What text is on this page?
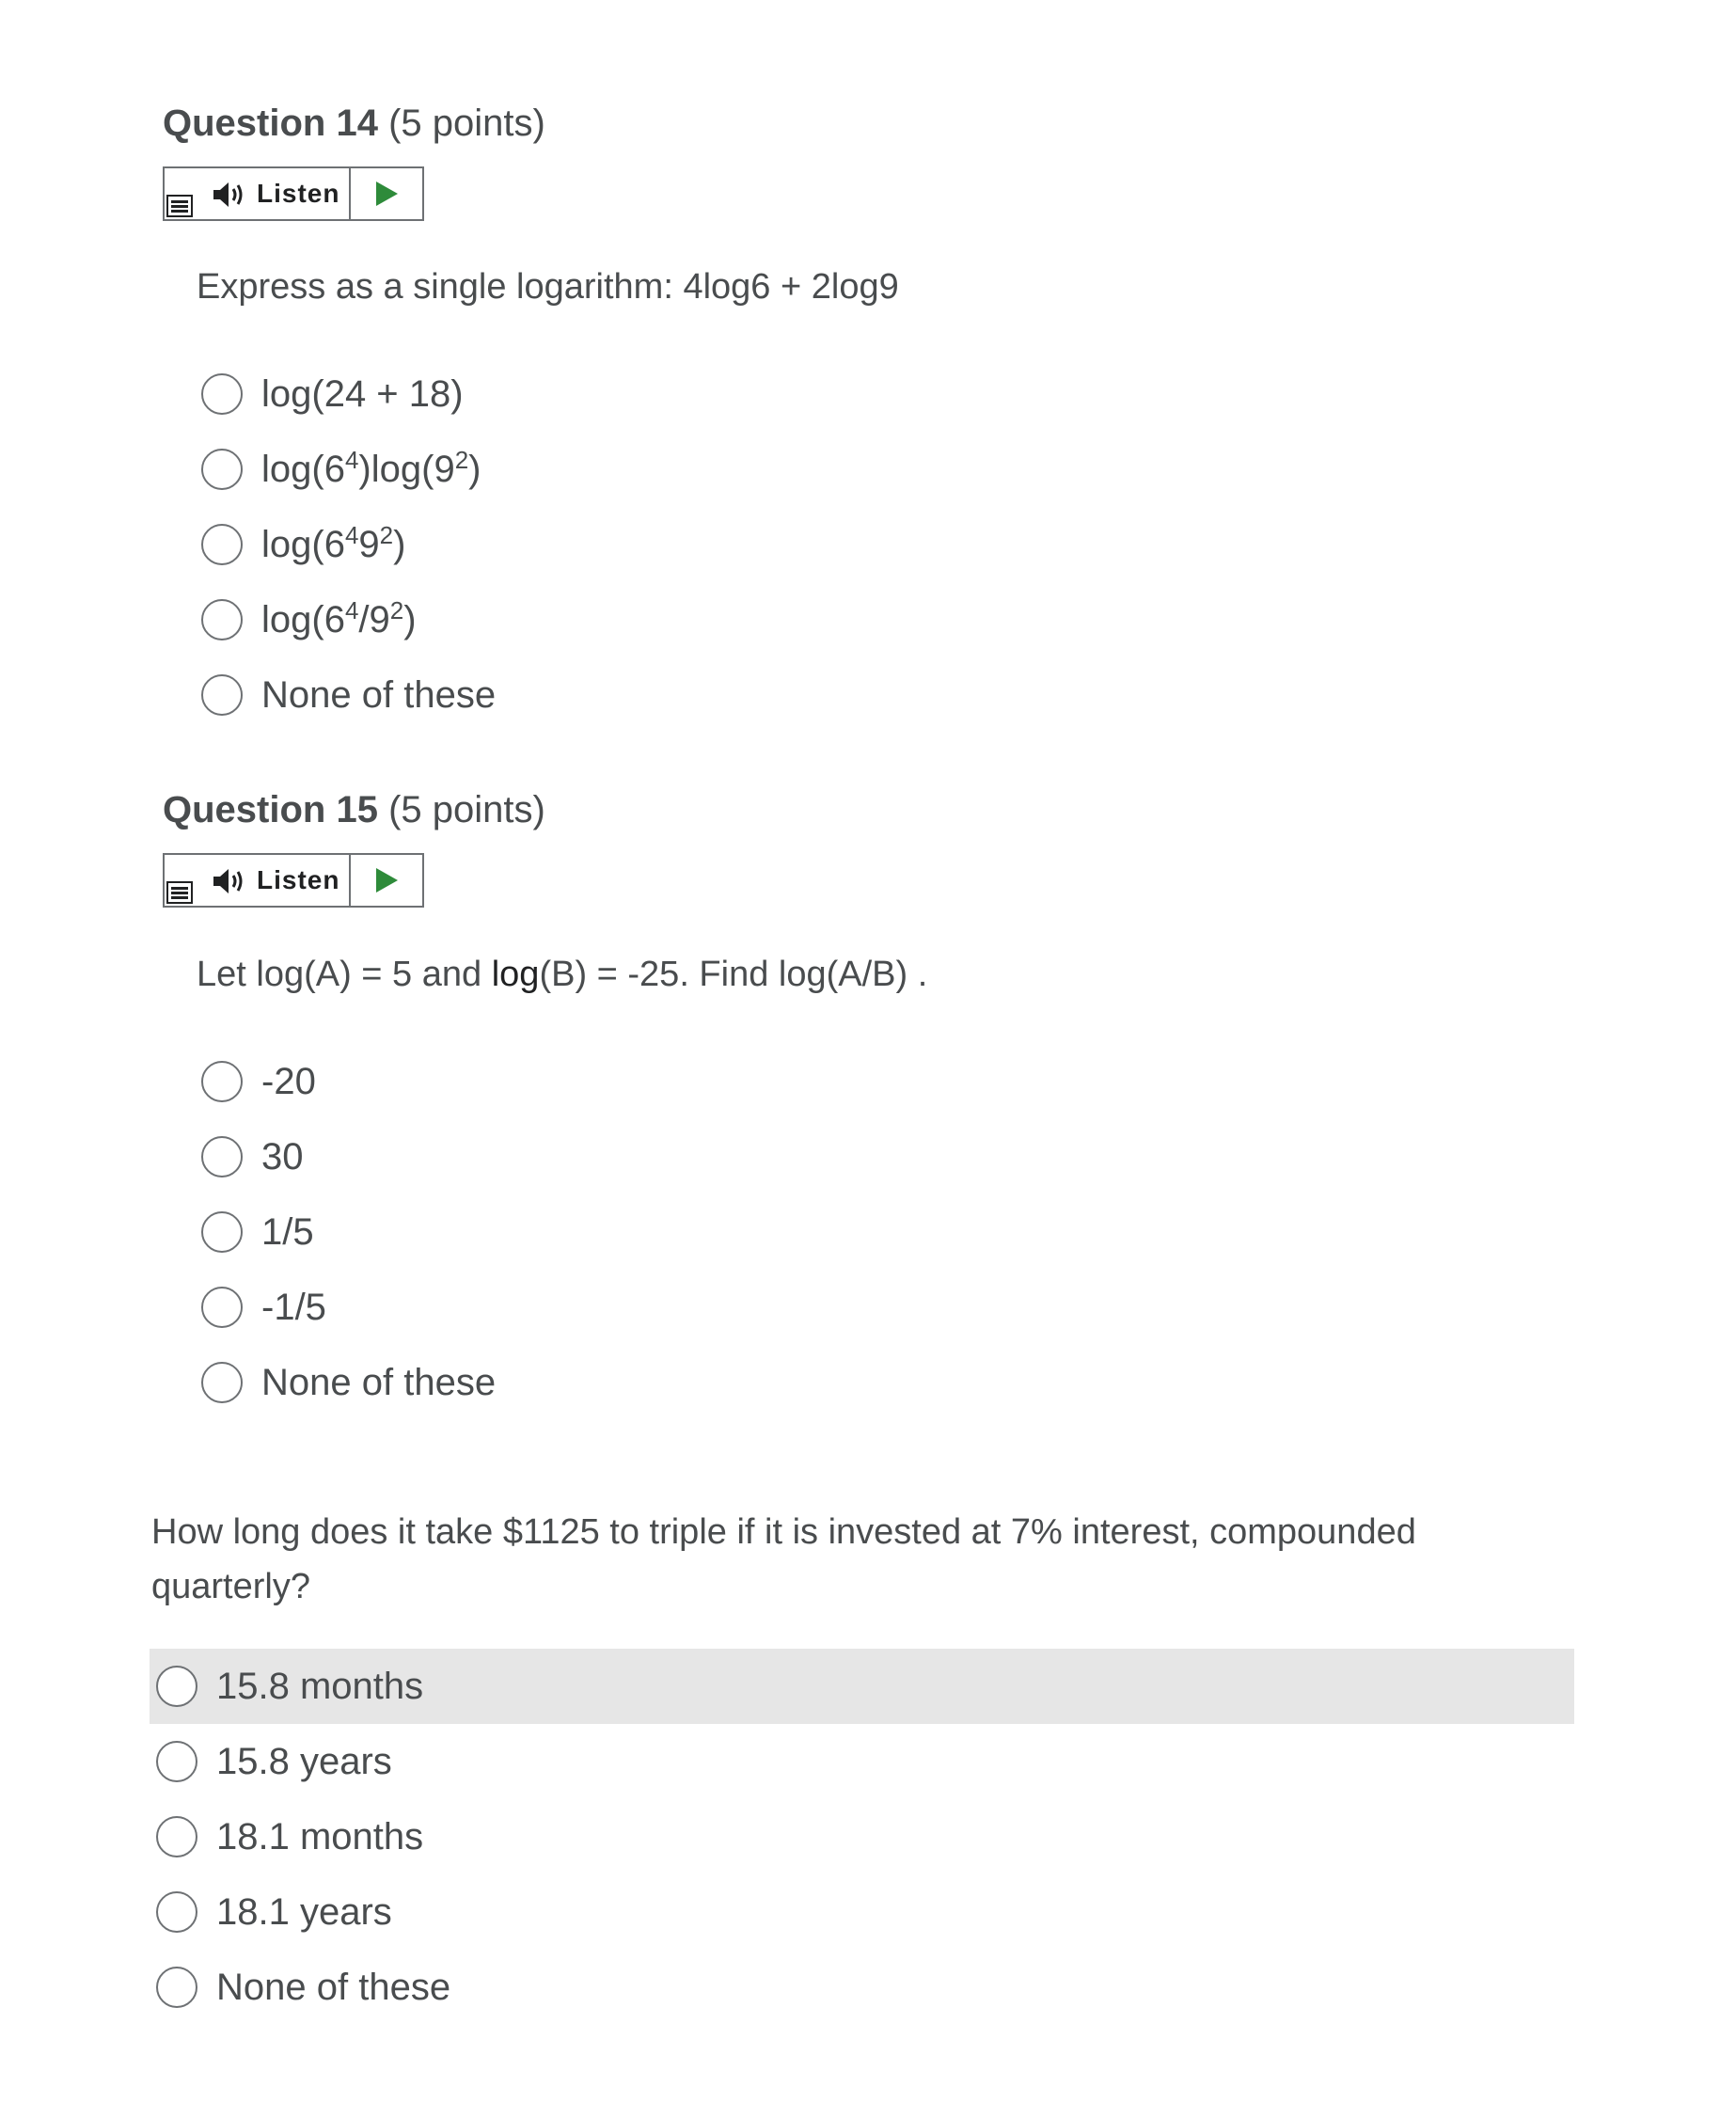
Question 14 (5 points)
Listen

Express as a single logarithm: 4log6 + 2log9

log(24 + 18)
$\log(6^4)\log(9^2)$
$\log(6^49^2)$
$\log(6^4/9^2)$
None of these
Question 15 (5 points)
Listen

Let log(A) = 5 and log(B) = -25. Find log(A/B) .

-20
30
1/5
-1/5
None of these

How long does it take $1125 to triple if it is invested at 7% interest, compounded
quarterly?

15.8 months
15.8 years
18.1 months
18.1 years
None of these
